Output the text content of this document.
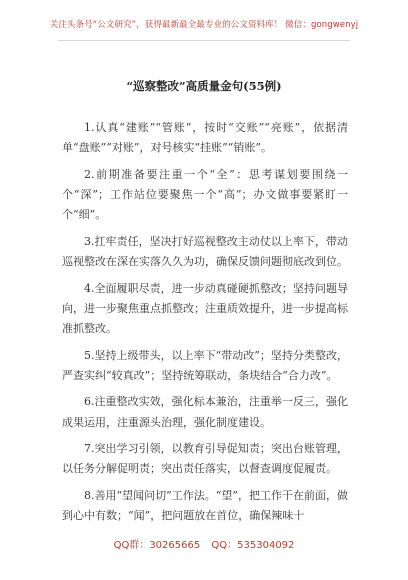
关注头条号“公文研究”，获得最新最全最专业的公文资料库！ 微信：gongwenyj
“巡察整改”高质量金句(55例)

1.认真“建账”“管账”，按时“交账”“亮账”，依据清单“盘账”“对账”，对号核实“挂账”“销账”。

2.前期准备要注重一个“全”：思考谋划要围绕一个“深”；工作站位要聚焦一个“高”；办文做事要紧盯一个“细”。

3.扛牢责任，坚决打好巡视整改主动仗以上率下，带动巡视整改在深在实落久久为功，确保反馈问题彻底改到位。

4.全面履职尽责，进一步动真碰硬抓整改；坚持问题导向，进一步聚焦重点抓整改；注重质效提升，进一步提高标准抓整改。

5.坚持上级带头，以上率下“带动改”；坚持分类整改，严查实纠“较真改”；坚持统筹联动，条块结合“合力改”。

6.注重整改实效，强化标本兼治，注重举一反三，强化成果运用，注重源头治理，强化制度建设。

7.突出学习引领，以教育引导促知责；突出台账管理，以任务分解促明责；突出责任落实，以督查调度促履责。

8.善用“望闻问切”工作法。“望”，把工作干在前面，做到心中有数；“闻”，把问题放在首位，确保辣味十

QQ群：30265665 QQ：535304092
